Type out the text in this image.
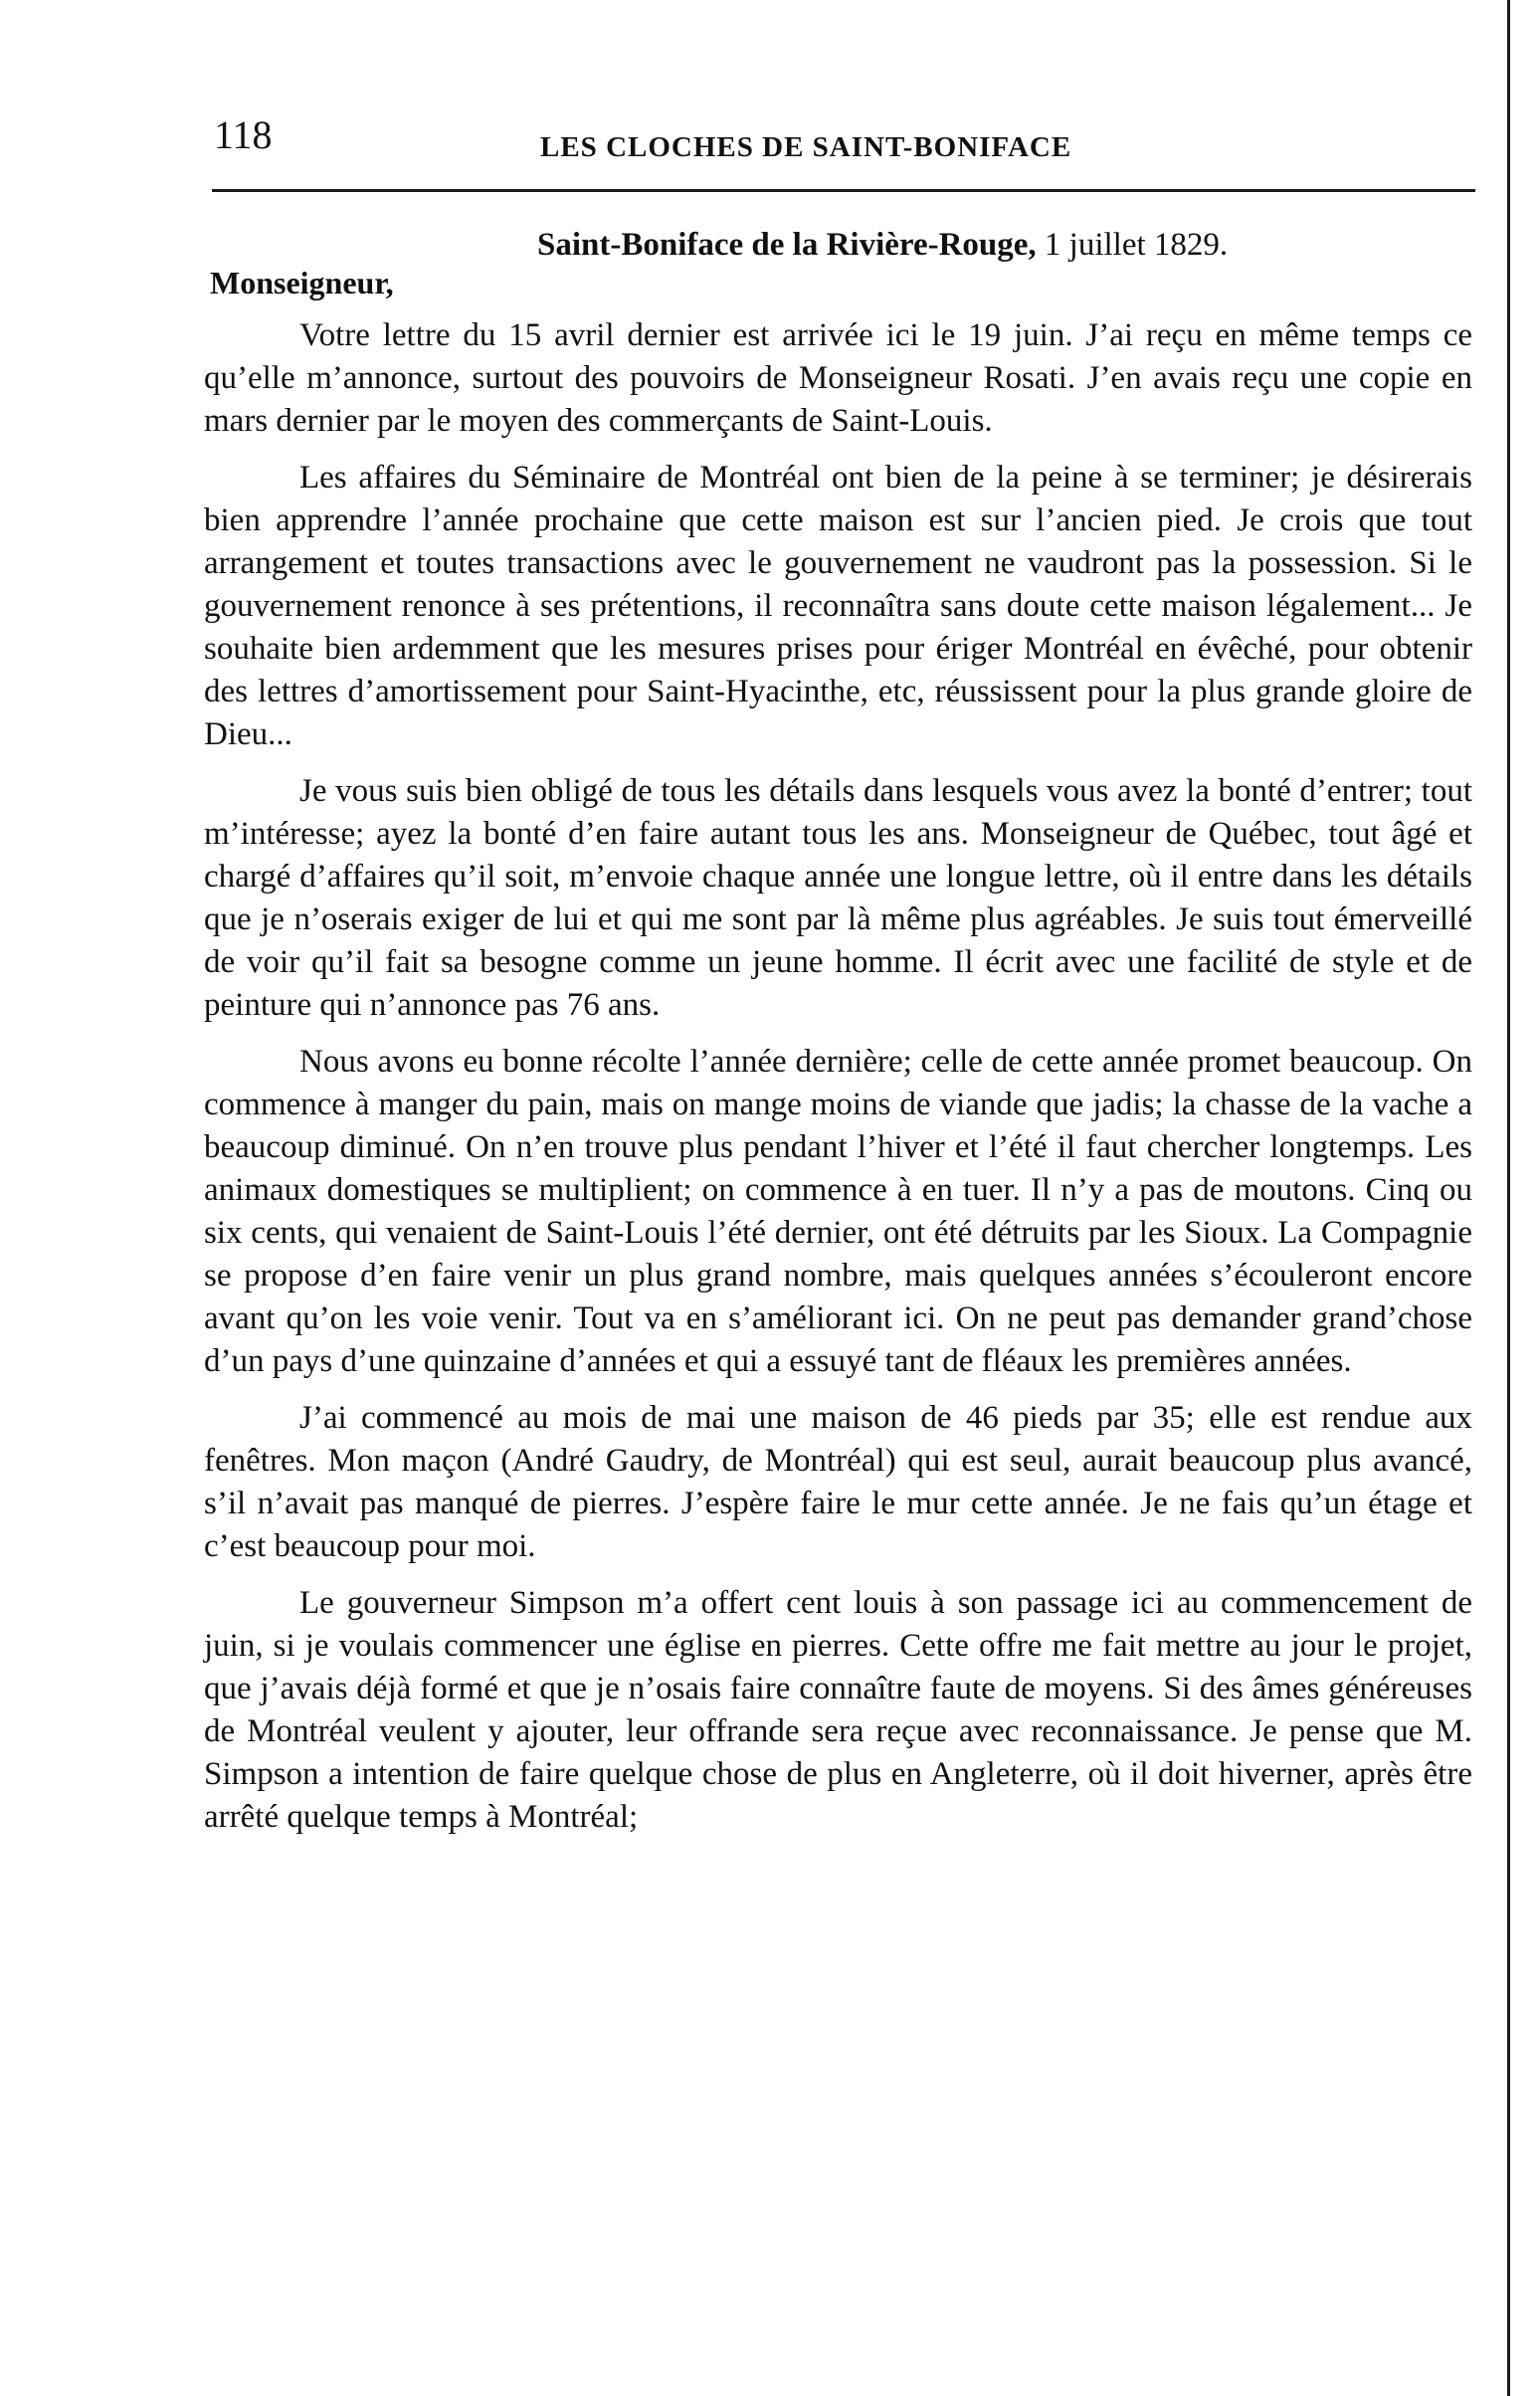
118	LES CLOCHES DE SAINT-BONIFACE
Saint-Boniface de la Rivière-Rouge, 1 juillet 1829.
Monseigneur,

Votre lettre du 15 avril dernier est arrivée ici le 19 juin. J’ai reçu en même temps ce qu’elle m’annonce, surtout des pouvoirs de Monseigneur Rosati. J’en avais reçu une copie en mars dernier par le moyen des commerçants de Saint-Louis.

Les affaires du Séminaire de Montréal ont bien de la peine à se terminer; je désirerais bien apprendre l’année prochaine que cette maison est sur l’ancien pied. Je crois que tout arrangement et toutes transactions avec le gouvernement ne vaudront pas la possession. Si le gouvernement renonce à ses prétentions, il reconnaîtra sans doute cette maison légalement... Je souhaite bien ardemment que les mesures prises pour ériger Montréal en évêché, pour obtenir des lettres d’amortissement pour Saint-Hyacinthe, etc, réussissent pour la plus grande gloire de Dieu...

Je vous suis bien obligé de tous les détails dans lesquels vous avez la bonté d’entrer; tout m’intéresse; ayez la bonté d’en faire autant tous les ans. Monseigneur de Québec, tout âgé et chargé d’affaires qu’il soit, m’envoie chaque année une longue lettre, où il entre dans les détails que je n’oserais exiger de lui et qui me sont par là même plus agréables. Je suis tout émerveillé de voir qu’il fait sa besogne comme un jeune homme. Il écrit avec une facilité de style et de peinture qui n’annonce pas 76 ans.

Nous avons eu bonne récolte l’année dernière; celle de cette année promet beaucoup. On commence à manger du pain, mais on mange moins de viande que jadis; la chasse de la vache a beaucoup diminué. On n’en trouve plus pendant l’hiver et l’été il faut chercher longtemps. Les animaux domestiques se multiplient; on commence à en tuer. Il n’y a pas de moutons. Cinq ou six cents, qui venaient de Saint-Louis l’été dernier, ont été détruits par les Sioux. La Compagnie se propose d’en faire venir un plus grand nombre, mais quelques années s’écouleront encore avant qu’on les voie venir. Tout va en s’améliorant ici. On ne peut pas demander grand’chose d’un pays d’une quinzaine d’années et qui a essuyé tant de fléaux les premières années.

J’ai commencé au mois de mai une maison de 46 pieds par 35; elle est rendue aux fenêtres. Mon maçon (André Gaudry, de Montréal) qui est seul, aurait beaucoup plus avancé, s’il n’avait pas manqué de pierres. J’espère faire le mur cette année. Je ne fais qu’un étage et c’est beaucoup pour moi.

Le gouverneur Simpson m’a offert cent louis à son passage ici au commencement de juin, si je voulais commencer une église en pierres. Cette offre me fait mettre au jour le projet, que j’avais déjà formé et que je n’osais faire connaître faute de moyens. Si des âmes généreuses de Montréal veulent y ajouter, leur offrande sera reçue avec reconnaissance. Je pense que M. Simpson a intention de faire quelque chose de plus en Angleterre, où il doit hiverner, après être arrêté quelque temps à Montréal;
